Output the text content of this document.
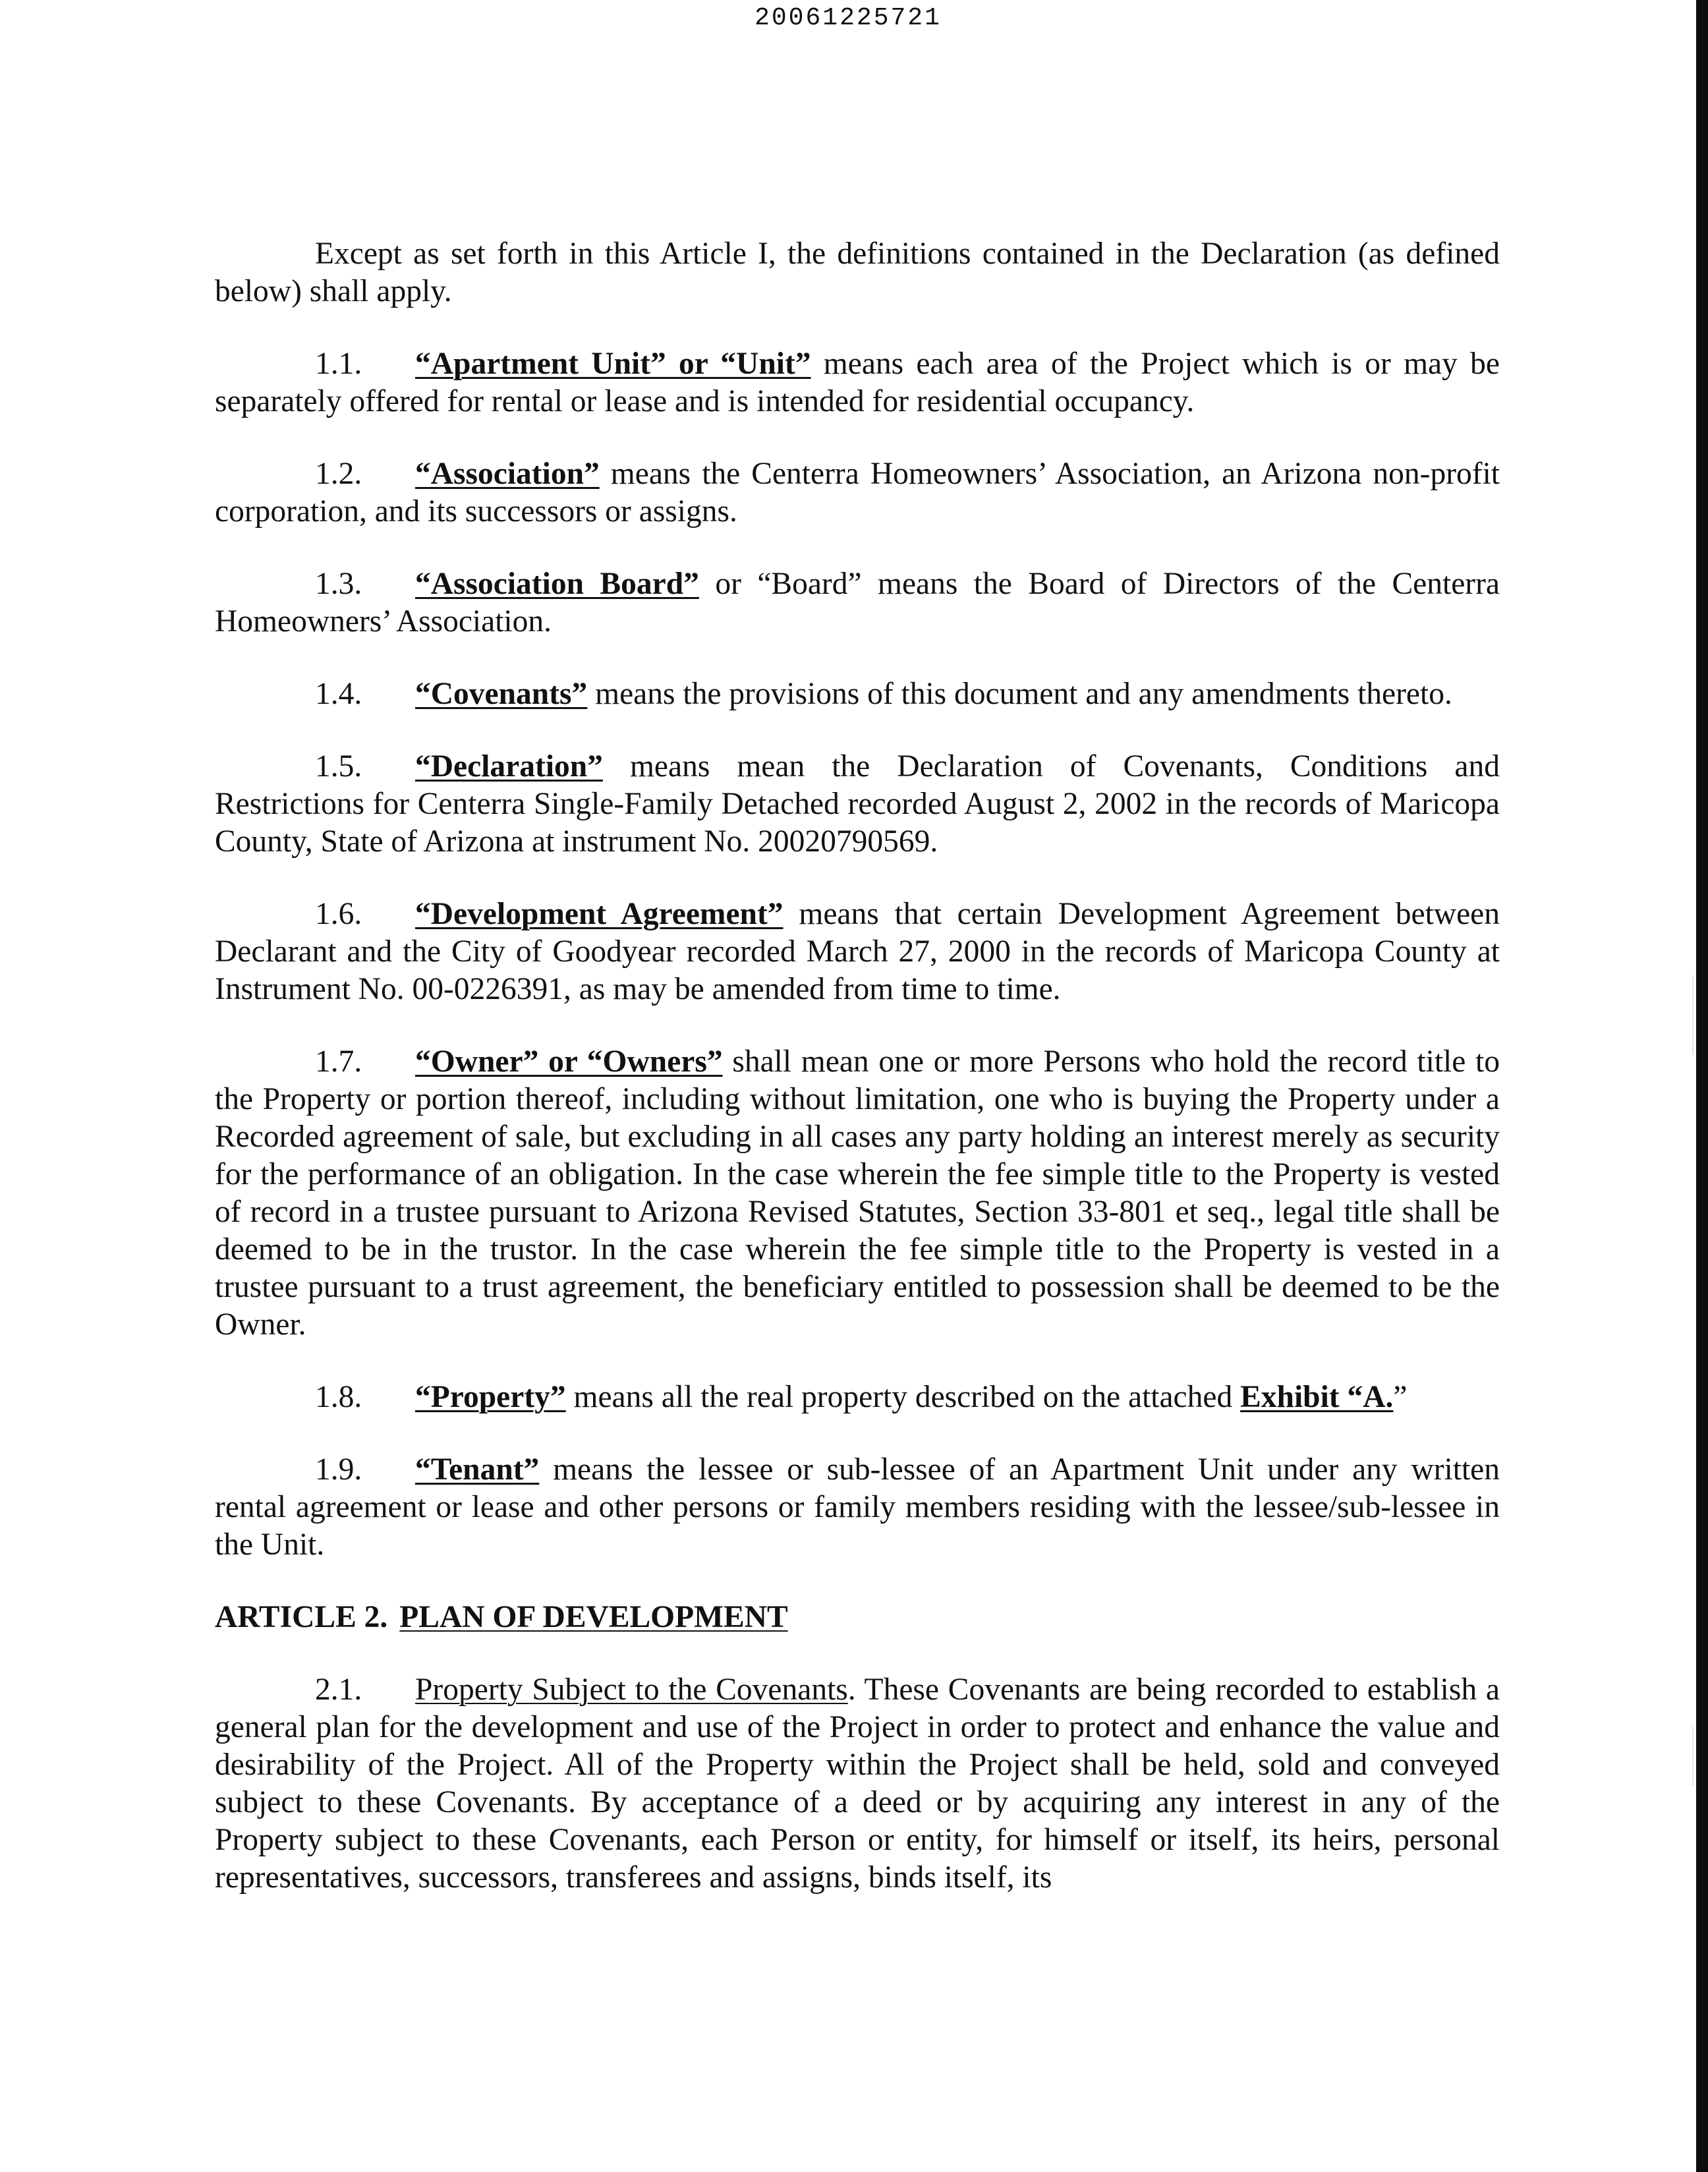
20061225721

Except as set forth in this Article I, the definitions contained in the Declaration (as defined below) shall apply.

1.1. “Apartment Unit” or “Unit” means each area of the Project which is or may be separately offered for rental or lease and is intended for residential occupancy.

1.2. “Association” means the Centerra Homeowners’ Association, an Arizona non-profit corporation, and its successors or assigns.

1.3. “Association Board” or “Board” means the Board of Directors of the Centerra Homeowners’ Association.

1.4. “Covenants” means the provisions of this document and any amendments thereto.

1.5. “Declaration” means mean the Declaration of Covenants, Conditions and Restrictions for Centerra Single-Family Detached recorded August 2, 2002 in the records of Maricopa County, State of Arizona at instrument No. 20020790569.

1.6. “Development Agreement” means that certain Development Agreement between Declarant and the City of Goodyear recorded March 27, 2000 in the records of Maricopa County at Instrument No. 00-0226391, as may be amended from time to time.

1.7. “Owner” or “Owners” shall mean one or more Persons who hold the record title to the Property or portion thereof, including without limitation, one who is buying the Property under a Recorded agreement of sale, but excluding in all cases any party holding an interest merely as security for the performance of an obligation. In the case wherein the fee simple title to the Property is vested of record in a trustee pursuant to Arizona Revised Statutes, Section 33-801 et seq., legal title shall be deemed to be in the trustor. In the case wherein the fee simple title to the Property is vested in a trustee pursuant to a trust agreement, the beneficiary entitled to possession shall be deemed to be the Owner.

1.8. “Property” means all the real property described on the attached Exhibit “A.”

1.9. “Tenant” means the lessee or sub-lessee of an Apartment Unit under any written rental agreement or lease and other persons or family members residing with the lessee/sub-lessee in the Unit.

ARTICLE 2. PLAN OF DEVELOPMENT

2.1. Property Subject to the Covenants. These Covenants are being recorded to establish a general plan for the development and use of the Project in order to protect and enhance the value and desirability of the Project. All of the Property within the Project shall be held, sold and conveyed subject to these Covenants. By acceptance of a deed or by acquiring any interest in any of the Property subject to these Covenants, each Person or entity, for himself or itself, its heirs, personal representatives, successors, transferees and assigns, binds itself, its
